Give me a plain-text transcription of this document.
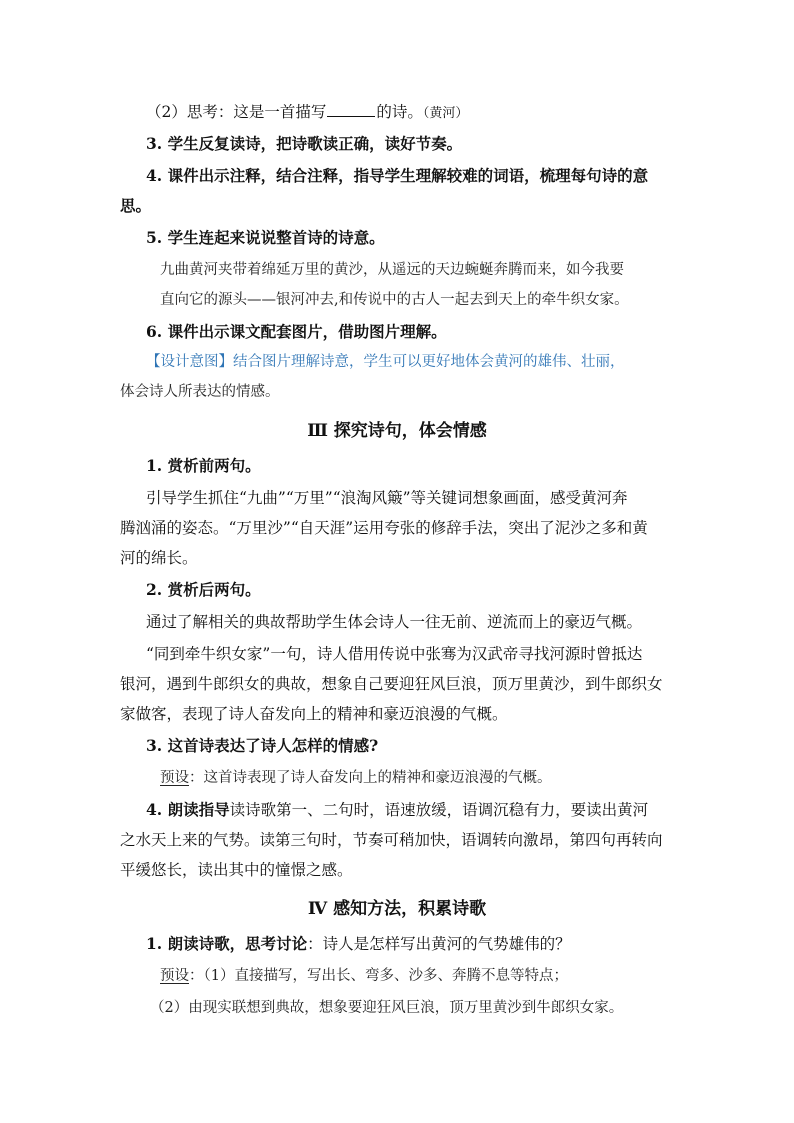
（2）思考：这是一首描写	的诗。（黄河）
3. 学生反复读诗，把诗歌读正确，读好节奏。
4. 课件出示注释，结合注释，指导学生理解较难的词语，梳理每句诗的意
思。
5. 学生连起来说说整首诗的诗意。
九曲黄河夹带着绵延万里的黄沙，从遥远的天边蜿蜒奔腾而来，如今我要
直向它的源头——银河冲去,和传说中的古人一起去到天上的牵牛织女家。
6. 课件出示课文配套图片，借助图片理解。
【设计意图】结合图片理解诗意，学生可以更好地体会黄河的雄伟、壮丽，
体会诗人所表达的情感。
Ⅲ 探究诗句，体会情感
1. 赏析前两句。
引导学生抓住“九曲”“万里”“浪淘风簸”等关键词想象画面，感受黄河奔
腾汹涌的姿态。“万里沙”“自天涯”运用夸张的修辞手法，突出了泥沙之多和黄
河的绵长。
2. 赏析后两句。
通过了解相关的典故帮助学生体会诗人一往无前、逆流而上的豪迈气概。
“同到牵牛织女家”一句，诗人借用传说中张骞为汉武帝寻找河源时曾抵达
银河，遇到牛郎织女的典故，想象自己要迎狂风巨浪，顶万里黄沙，到牛郎织女
家做客，表现了诗人奋发向上的精神和豪迈浪漫的气概。
3. 这首诗表达了诗人怎样的情感?
预设：这首诗表现了诗人奋发向上的精神和豪迈浪漫的气概。
4. 朗读指导读诗歌第一、二句时，语速放缓，语调沉稳有力，要读出黄河
之水天上来的气势。读第三句时，节奏可稍加快，语调转向激昂，第四句再转向
平缓悠长，读出其中的憧憬之感。
Ⅳ 感知方法，积累诗歌
1. 朗读诗歌，思考讨论：诗人是怎样写出黄河的气势雄伟的？
预设：（1）直接描写，写出长、弯多、沙多、奔腾不息等特点；
（2）由现实联想到典故，想象要迎狂风巨浪，顶万里黄沙到牛郎织女家。
